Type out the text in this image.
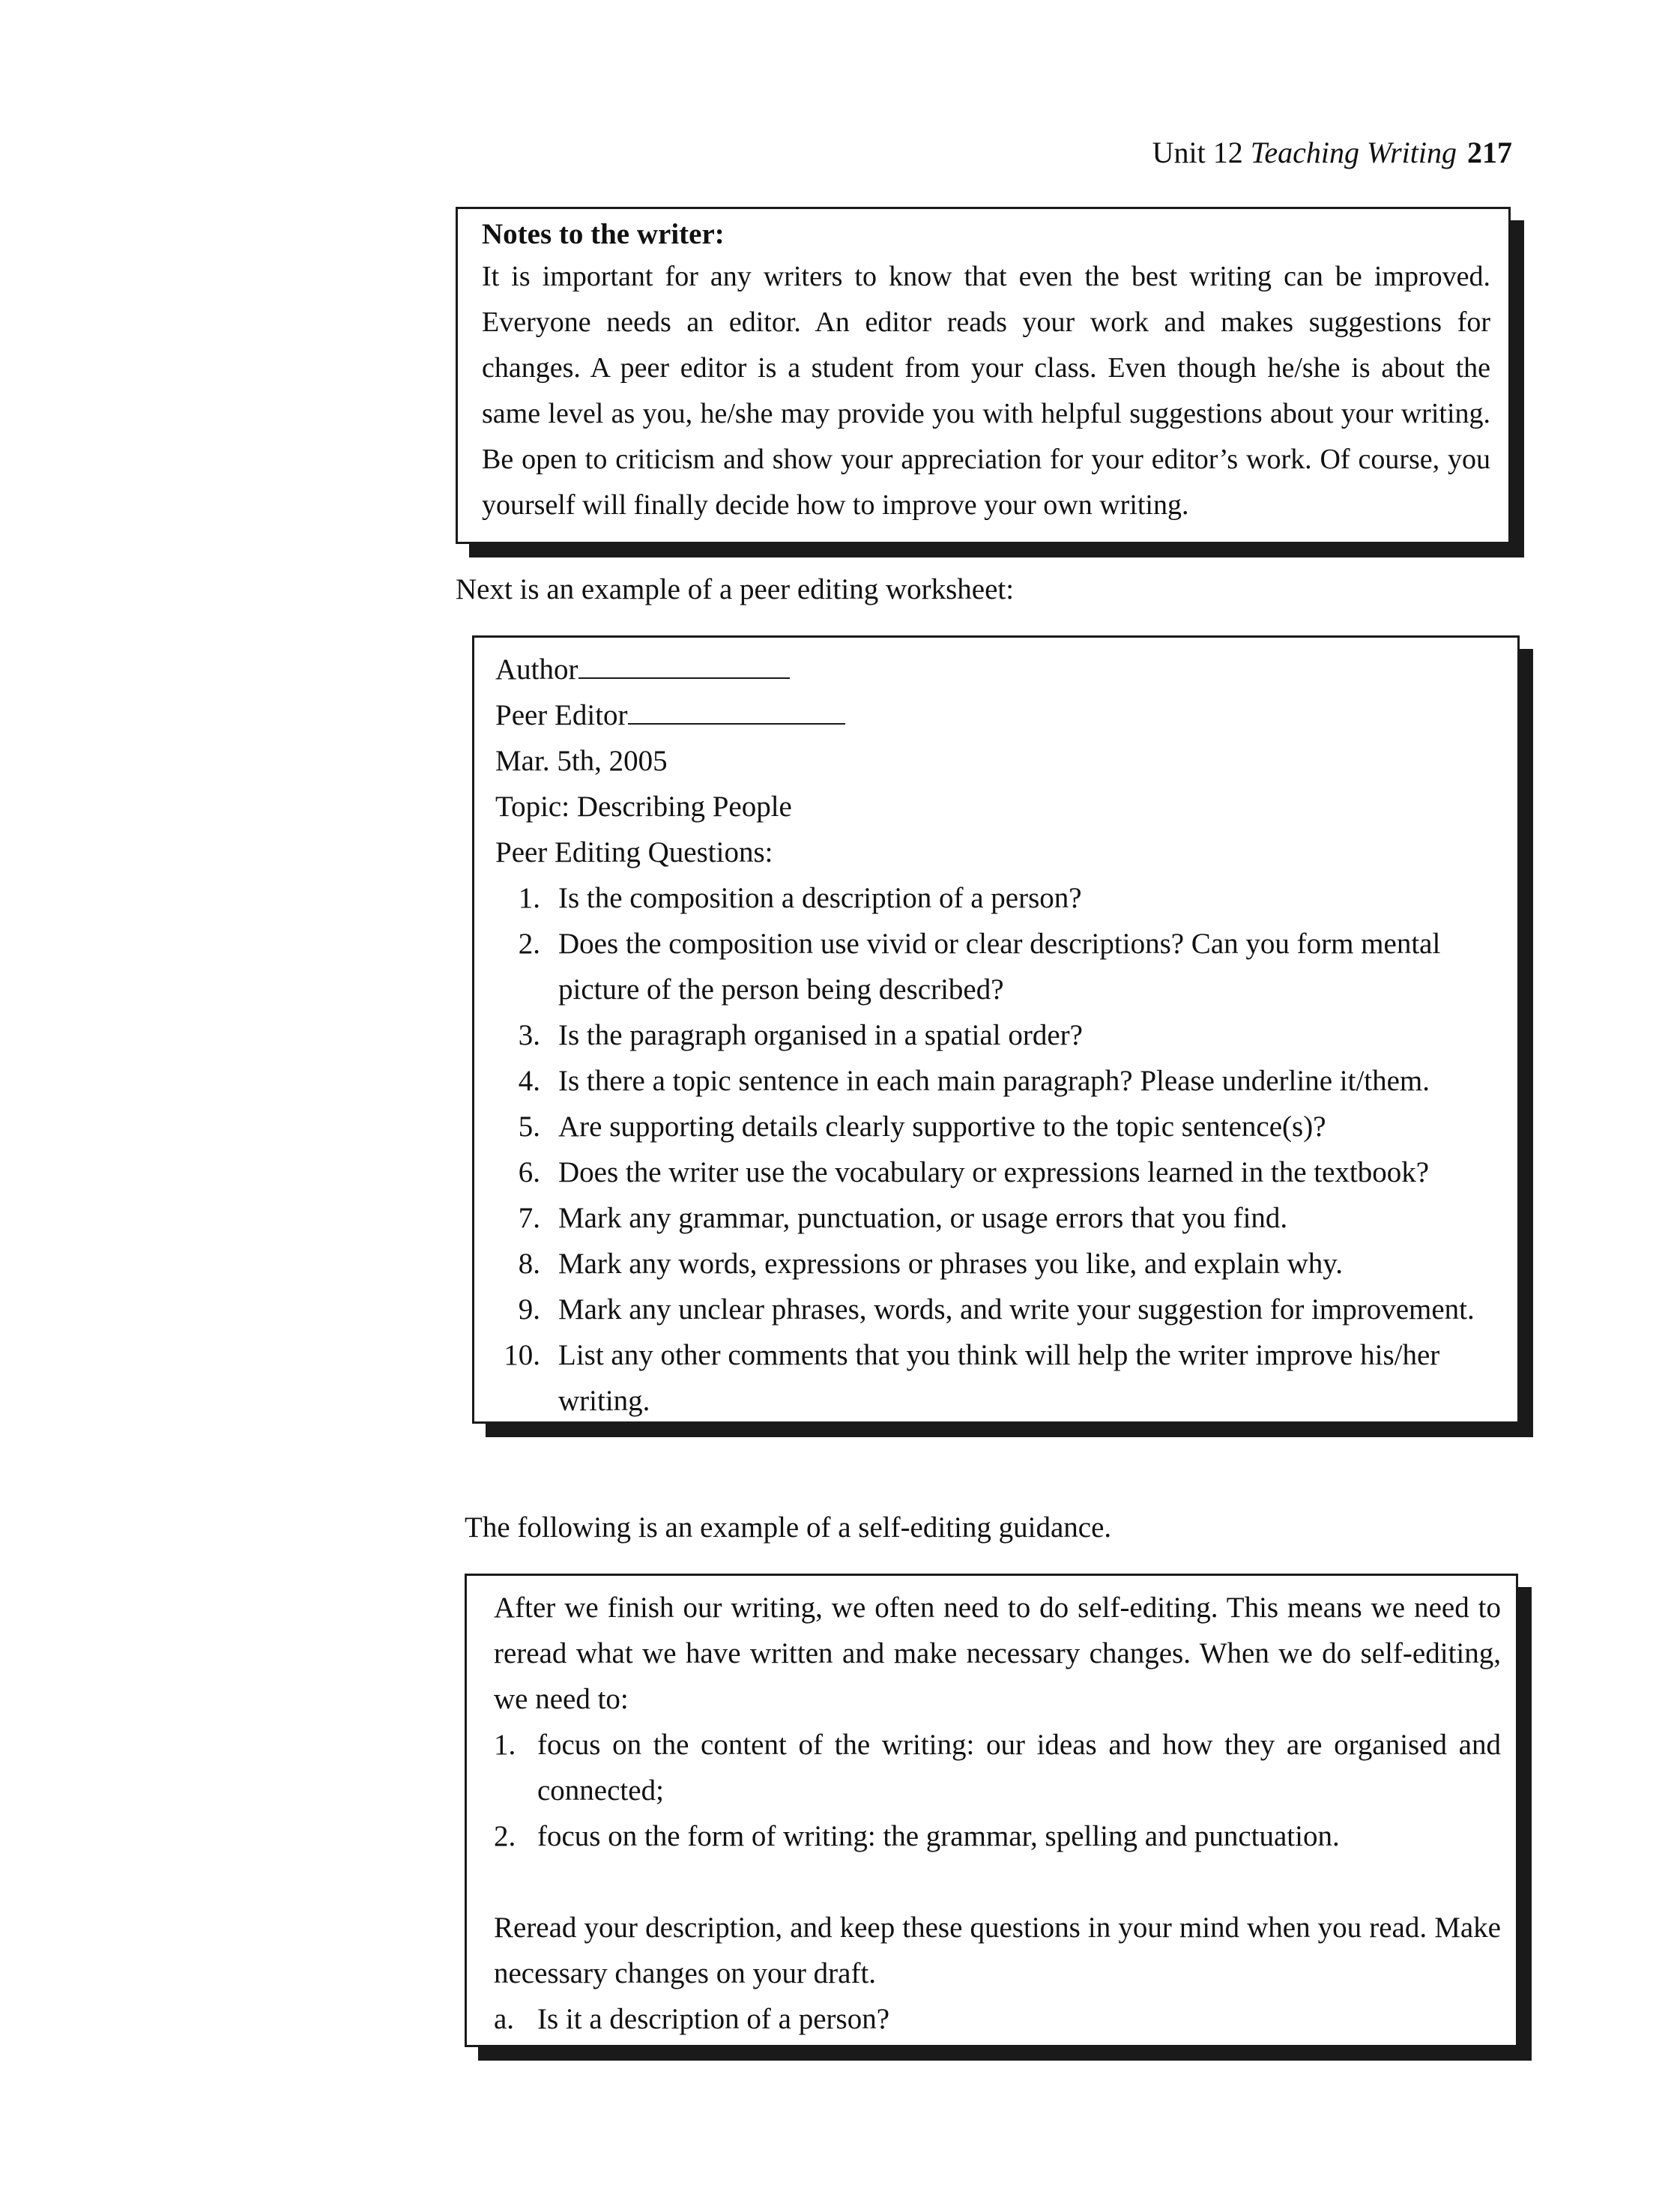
Unit 12 Teaching Writing 217
Notes to the writer:
It is important for any writers to know that even the best writing can be improved. Everyone needs an editor. An editor reads your work and makes suggestions for changes. A peer editor is a student from your class. Even though he/she is about the same level as you, he/she may provide you with helpful suggestions about your writing. Be open to criticism and show your appreciation for your editor’s work. Of course, you yourself will finally decide how to improve your own writing.
Next is an example of a peer editing worksheet:
Author
Peer Editor
Mar. 5th, 2005
Topic: Describing People
Peer Editing Questions:
1. Is the composition a description of a person?
2. Does the composition use vivid or clear descriptions? Can you form mental picture of the person being described?
3. Is the paragraph organised in a spatial order?
4. Is there a topic sentence in each main paragraph? Please underline it/them.
5. Are supporting details clearly supportive to the topic sentence(s)?
6. Does the writer use the vocabulary or expressions learned in the textbook?
7. Mark any grammar, punctuation, or usage errors that you find.
8. Mark any words, expressions or phrases you like, and explain why.
9. Mark any unclear phrases, words, and write your suggestion for improvement.
10. List any other comments that you think will help the writer improve his/her writing.
The following is an example of a self-editing guidance.
After we finish our writing, we often need to do self-editing. This means we need to reread what we have written and make necessary changes. When we do self-editing, we need to:
1. focus on the content of the writing: our ideas and how they are organised and connected;
2. focus on the form of writing: the grammar, spelling and punctuation.
Reread your description, and keep these questions in your mind when you read. Make necessary changes on your draft.
a. Is it a description of a person?
